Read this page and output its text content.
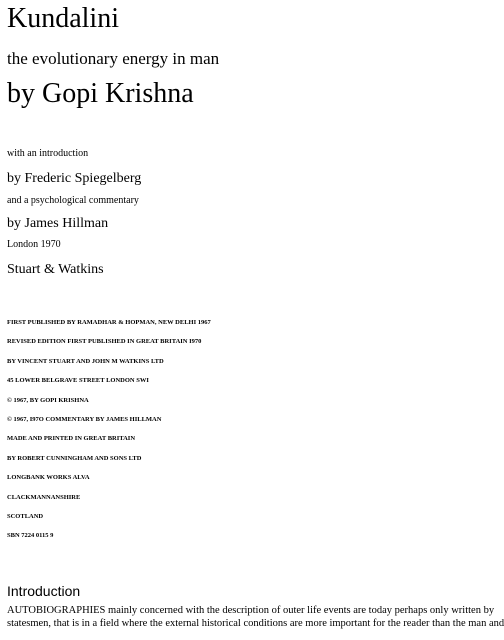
Kundalini
the evolutionary energy in man
by Gopi Krishna
with an introduction
by Frederic Spiegelberg
and a psychological commentary
by James Hillman
London 1970
Stuart & Watkins
FIRST PUBLISHED BY RAMADHAR & HOPMAN, NEW DELHI 1967
REVISED EDITION FIRST PUBLISHED IN GREAT BRITAIN I970
BY VINCENT STUART AND JOHN M WATKINS LTD
45 LOWER BELGRAVE STREET LONDON SWI
© 1967, BY GOPI KRISHNA
© 1967, I97O COMMENTARY BY JAMES HILLMAN
MADE AND PRINTED IN GREAT BRITAIN
BY ROBERT CUNNINGHAM AND SONS LTD
LONGBANK WORKS ALVA
CLACKMANNANSHIRE
SCOTLAND
SBN 7224 0115 9
Introduction

AUTOBIOGRAPHIES mainly concerned with the description of outer life events are today perhaps only written by
statesmen, that is in a field where the external historical conditions are more important for the reader than the man and
